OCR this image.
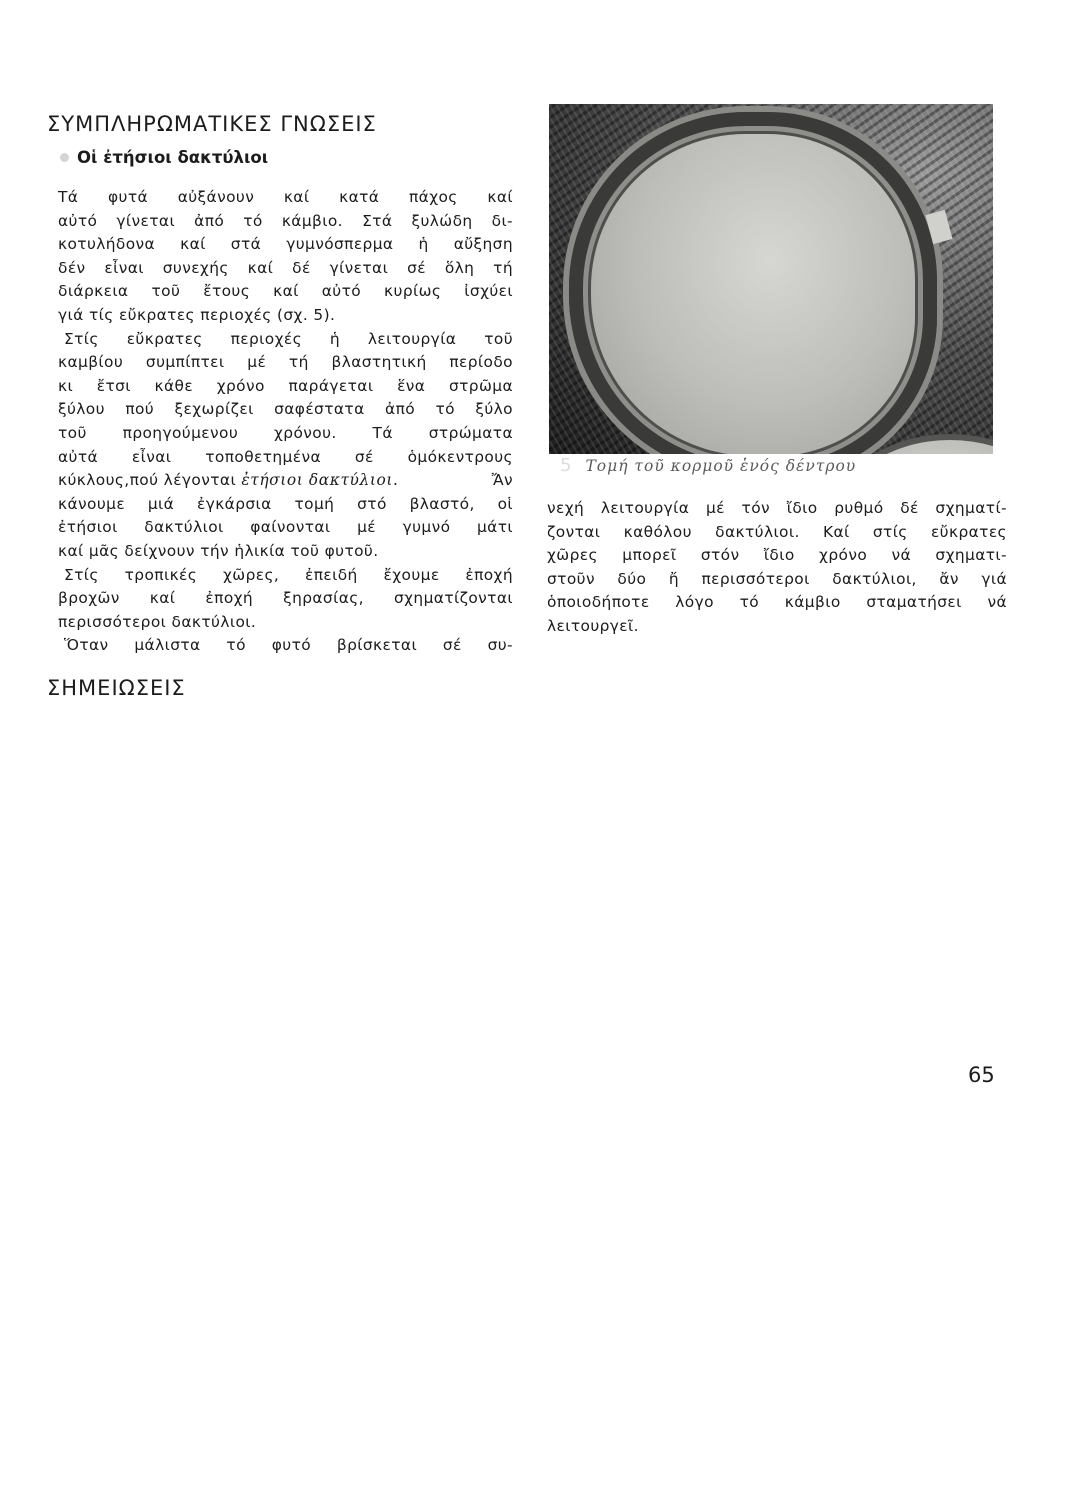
ΣΥΜΠΛΗΡΩΜΑΤΙΚΕΣ ΓΝΩΣΕΙΣ
Οἱ ἐτήσιοι δακτύλιοι
Τά φυτά αὐξάνουν καί κατά πάχος καί
αὐτό γίνεται ἀπό τό κάμβιο. Στά ξυλώδη δι-
κοτυλήδονα καί στά γυμνόσπερμα ἡ αὔξηση
δέν εἶναι συνεχής καί δέ γίνεται σέ ὅλη τή
διάρκεια τοῦ ἔτους καί αὐτό κυρίως ἰσχύει
γιά τίς εὔκρατες περιοχές (σχ. 5).
Στίς εὔκρατες περιοχές ἡ λειτουργία τοῦ
καμβίου συμπίπτει μέ τή βλαστητική περίοδο
κι ἔτσι κάθε χρόνο παράγεται ἕνα στρῶμα
ξύλου πού ξεχωρίζει σαφέστατα ἀπό τό ξύλο
τοῦ προηγούμενου χρόνου. Τά στρώματα
αὐτά εἶναι τοποθετημένα σέ ὁμόκεντρους
κύκλους,πού λέγονται ἐτήσιοι δακτύλιοι.	Ἄν
κάνουμε μιά ἐγκάρσια τομή στό βλαστό, οἱ
ἐτήσιοι δακτύλιοι φαίνονται μέ γυμνό μάτι
καί μᾶς δείχνουν τήν ἡλικία τοῦ φυτοῦ.
Στίς τροπικές χῶρες, ἐπειδή ἔχουμε ἐποχή
βροχῶν καί ἐποχή ξηρασίας, σχηματίζονται
περισσότεροι δακτύλιοι.
Ὅταν μάλιστα τό φυτό βρίσκεται σέ συ-
5 Τομή τοῦ κορμοῦ ἑνός δέντρου
νεχή λειτουργία μέ τόν ἴδιο ρυθμό δέ σχηματί-
ζονται καθόλου δακτύλιοι. Καί στίς εὔκρατες
χῶρες μπορεῖ στόν ἴδιο χρόνο νά σχηματι-
στοῦν δύο ἤ περισσότεροι δακτύλιοι, ἄν γιά
ὁποιοδήποτε λόγο τό κάμβιο σταματήσει νά
λειτουργεῖ.
ΣΗΜΕΙΩΣΕΙΣ

65
